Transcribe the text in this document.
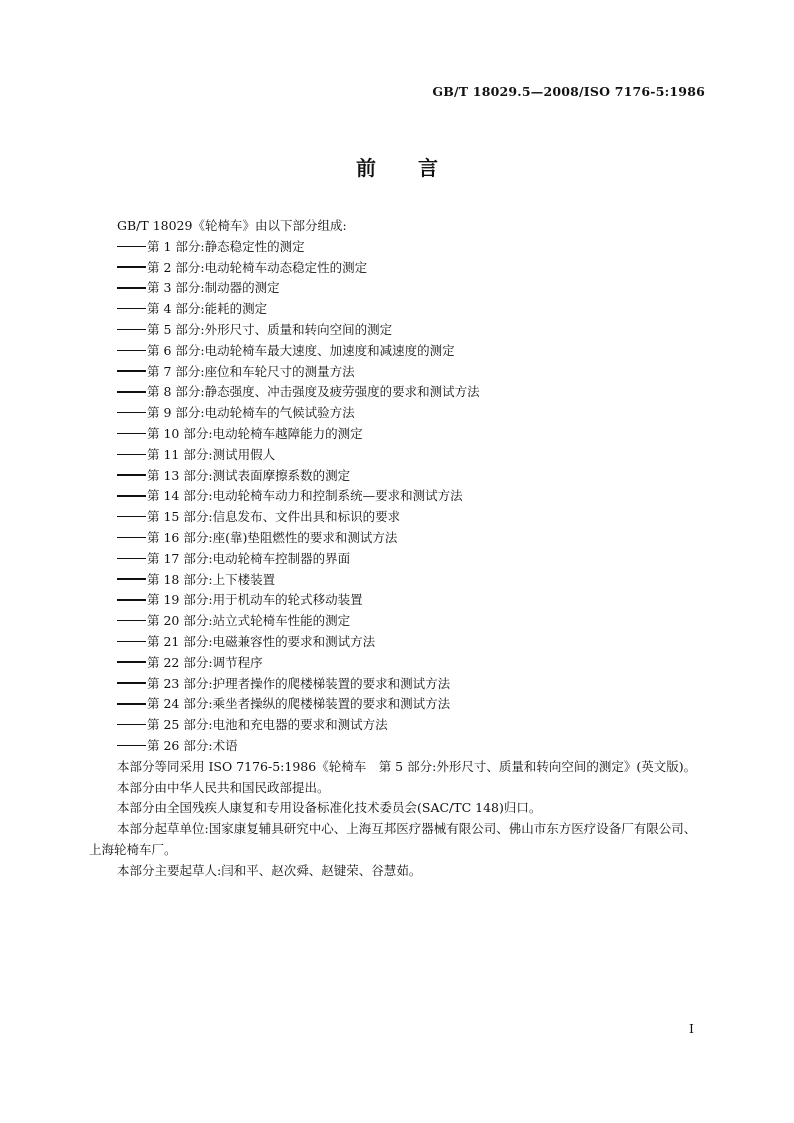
GB/T 18029.5—2008/ISO 7176-5:1986
前言

GB/T 18029《轮椅车》由以下部分组成:

第 1 部分:静态稳定性的测定
第 2 部分:电动轮椅车动态稳定性的测定
第 3 部分:制动器的测定
第 4 部分:能耗的测定
第 5 部分:外形尺寸、质量和转向空间的测定
第 6 部分:电动轮椅车最大速度、加速度和减速度的测定
第 7 部分:座位和车轮尺寸的测量方法
第 8 部分:静态强度、冲击强度及疲劳强度的要求和测试方法
第 9 部分:电动轮椅车的气候试验方法
第 10 部分:电动轮椅车越障能力的测定
第 11 部分:测试用假人
第 13 部分:测试表面摩擦系数的测定
第 14 部分:电动轮椅车动力和控制系统—要求和测试方法
第 15 部分:信息发布、文件出具和标识的要求
第 16 部分:座(靠)垫阻燃性的要求和测试方法
第 17 部分:电动轮椅车控制器的界面
第 18 部分:上下楼装置
第 19 部分:用于机动车的轮式移动装置
第 20 部分:站立式轮椅车性能的测定
第 21 部分:电磁兼容性的要求和测试方法
第 22 部分:调节程序
第 23 部分:护理者操作的爬楼梯装置的要求和测试方法
第 24 部分:乘坐者操纵的爬楼梯装置的要求和测试方法
第 25 部分:电池和充电器的要求和测试方法
第 26 部分:术语

本部分等同采用 ISO 7176-5:1986《轮椅车　第 5 部分:外形尺寸、质量和转向空间的测定》(英文版)。

本部分由中华人民共和国民政部提出。

本部分由全国残疾人康复和专用设备标准化技术委员会(SAC/TC 148)归口。

本部分起草单位:国家康复辅具研究中心、上海互邦医疗器械有限公司、佛山市东方医疗设备厂有限公司、上海轮椅车厂。

本部分主要起草人:闫和平、赵次舜、赵键荣、谷慧茹。

I
